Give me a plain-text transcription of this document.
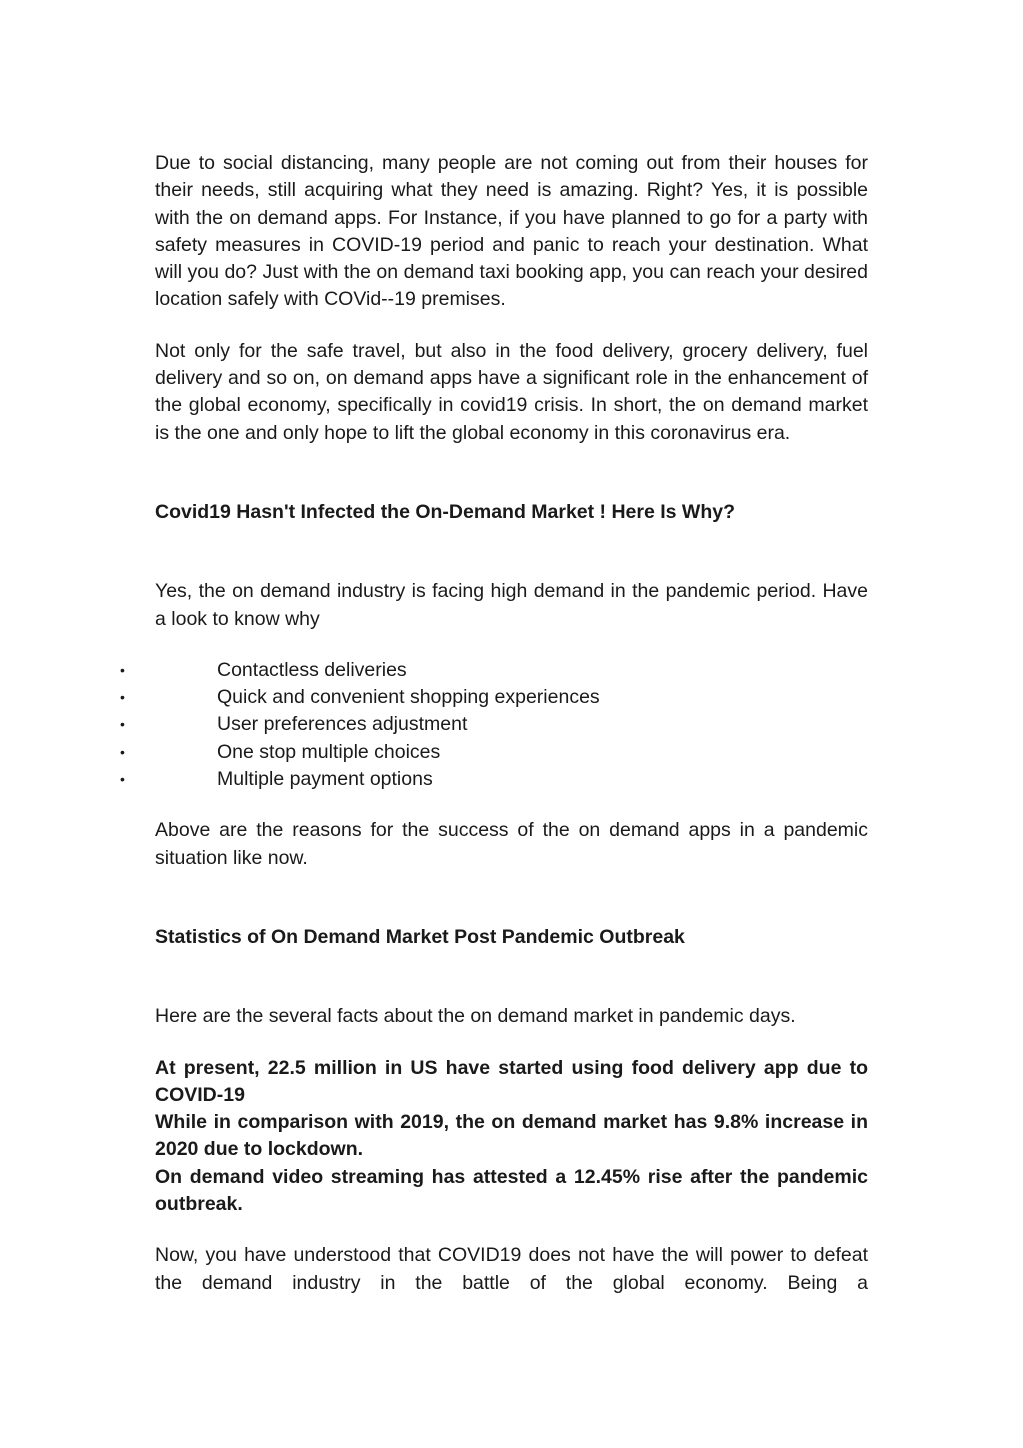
Due to social distancing, many people are not coming out from their houses for their needs, still acquiring what they need is amazing. Right? Yes, it is possible with the on demand apps. For Instance, if you have planned to go for a party with safety measures in COVID-19 period and panic to reach your destination. What will you do? Just with the on demand taxi booking app, you can reach your desired location safely with COVid--19 premises.

Not only for the safe travel, but also in the food delivery, grocery delivery, fuel delivery and so on, on demand apps have a significant role in the enhancement of the global economy, specifically in covid19 crisis. In short, the on demand market is the one and only hope to lift the global economy in this coronavirus era.

Covid19 Hasn't Infected the On-Demand Market ! Here Is Why?

Yes, the on demand industry is facing high demand in the pandemic period. Have a look to know why

•	Contactless deliveries
•	Quick and convenient shopping experiences
•	User preferences adjustment
•	One stop multiple choices
•	Multiple payment options

Above are the reasons for the success of the on demand apps in a pandemic situation like now.

Statistics of On Demand Market Post Pandemic Outbreak

Here are the several facts about the on demand market in pandemic days.

At present, 22.5 million in US have started using food delivery app due to COVID-19

While in comparison with 2019, the on demand market has 9.8% increase in 2020 due to lockdown.

On demand video streaming has attested a 12.45% rise after the pandemic outbreak.

Now, you have understood that COVID19 does not have the will power to defeat the demand industry in the battle of the global economy. Being a
